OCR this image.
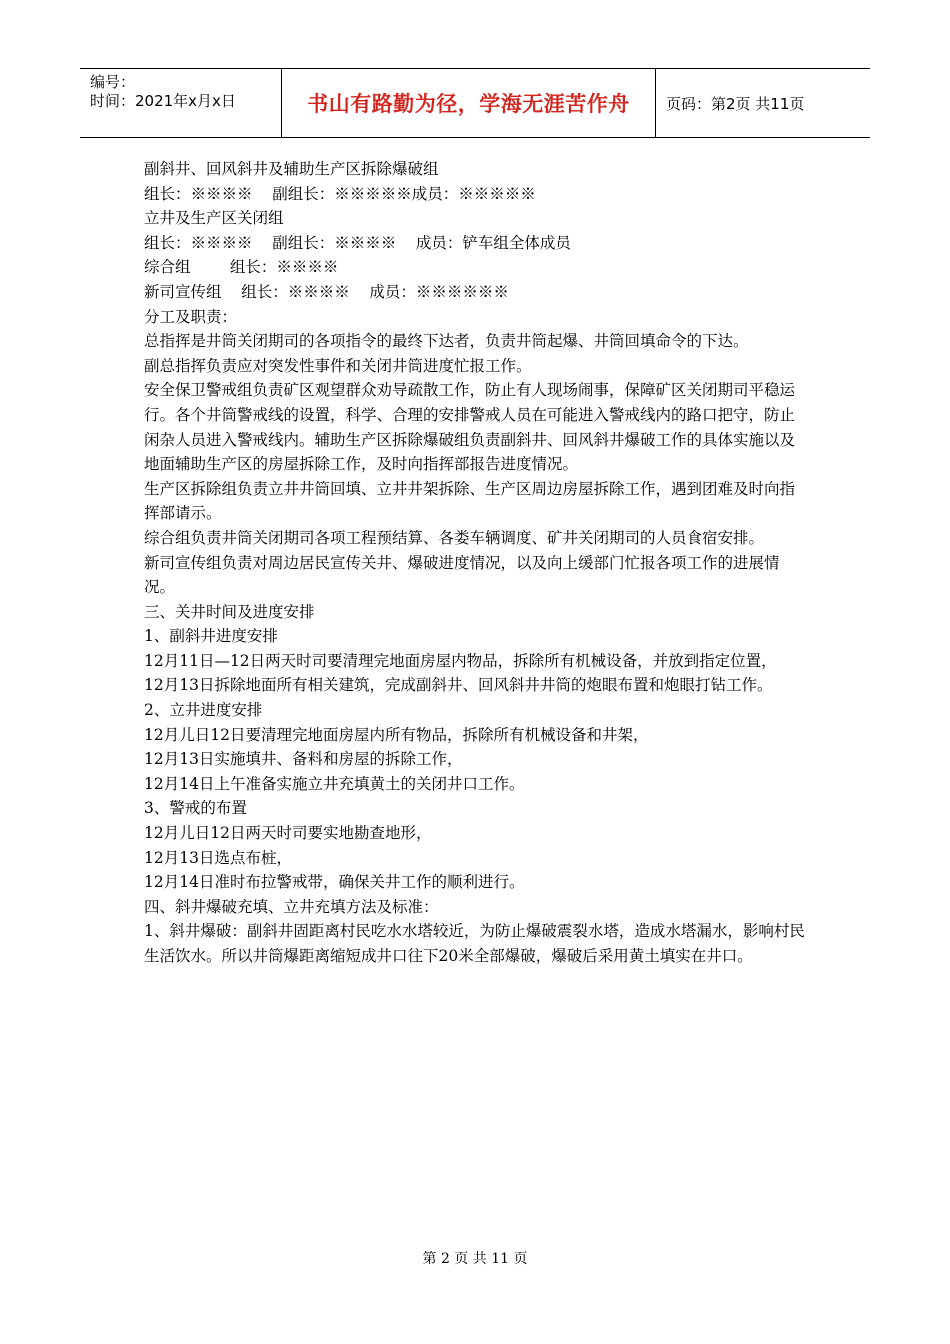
编号：
时间：2021年x月x日	书山有路勤为径，学海无涯苦作舟	页码：第2页 共11页

副斜井、回风斜井及辅助生产区拆除爆破组

组长：※※※※    副组长：※※※※※成员：※※※※※

立井及生产区关闭组

组长：※※※※    副组长：※※※※    成员：铲车组全体成员

综合组        组长：※※※※

新司宣传组    组长：※※※※    成员：※※※※※※

分工及职责：

总指挥是井筒关闭期司的各项指令的最终下达者，负责井筒起爆、井筒回填命令的下达。

副总指挥负责应对突发性事件和关闭井筒进度忙报工作。

安全保卫警戒组负责矿区观望群众劝导疏散工作，防止有人现场闹事，保障矿区关闭期司平稳运行。各个井筒警戒线的设置，科学、合理的安排警戒人员在可能进入警戒线内的路口把守，防止闲杂人员进入警戒线内。辅助生产区拆除爆破组负责副斜井、回风斜井爆破工作的具体实施以及地面辅助生产区的房屋拆除工作，及时向指挥部报告进度情况。

生产区拆除组负责立井井筒回填、立井井架拆除、生产区周边房屋拆除工作，遇到团难及时向指挥部请示。

综合组负责井筒关闭期司各项工程预结算、各娄车辆调度、矿井关闭期司的人员食宿安排。

新司宣传组负责对周边居民宣传关井、爆破进度情况，以及向上缓部门忙报各项工作的进展情况。

三、关井时间及进度安排

1、副斜井进度安排

12月11日—12日两天时司要清理完地面房屋内物品，拆除所有机械设备，并放到指定位置，

12月13日拆除地面所有相关建筑，完成副斜井、回风斜井井筒的炮眼布置和炮眼打钻工作。

2、立井进度安排

12月儿日12日要清理完地面房屋内所有物品，拆除所有机械设备和井架，

12月13日实施填井、备料和房屋的拆除工作，

12月14日上午准备实施立井充填黄土的关闭井口工作。

3、警戒的布置

12月儿日12日两天时司要实地勘查地形，

12月13日选点布桩，

12月14日准时布拉警戒带，确保关井工作的顺利进行。

四、斜井爆破充填、立井充填方法及标准：

1、斜井爆破：副斜井固距离村民吃水水塔较近，为防止爆破震裂水塔，造成水塔漏水，影响村民生活饮水。所以井筒爆距离缩短成井口往下20米全部爆破，爆破后采用黄土填实在井口。

第 2 页 共 11 页
